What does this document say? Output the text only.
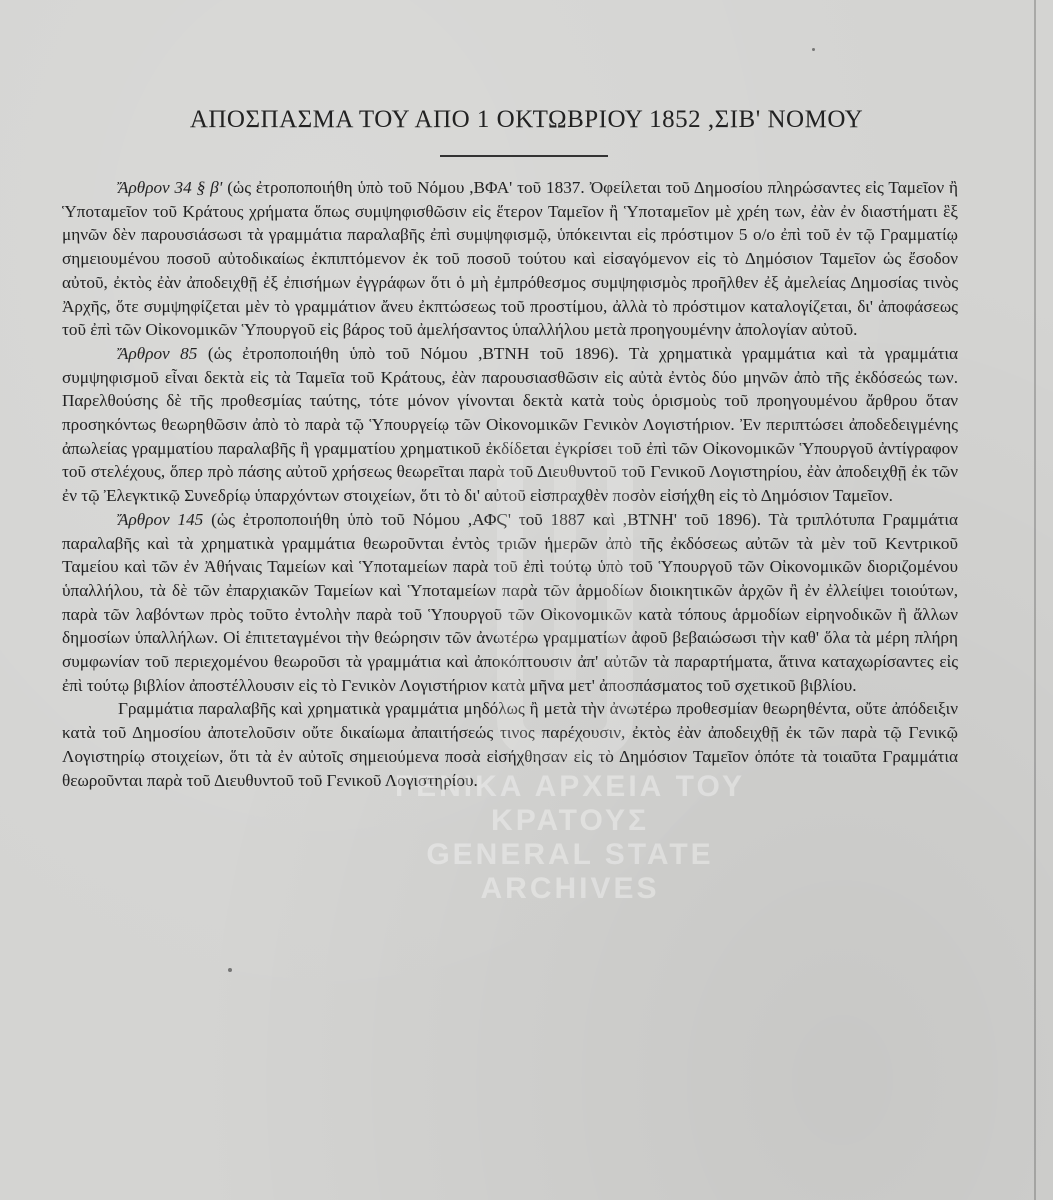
ΑΠΟΣΠΑΣΜΑ ΤΟΥ ΑΠΟ 1 ΟΚΤΩΒΡΙΟΥ 1852 ,ΣΙΒ' ΝΟΜΟΥ

Ἄρθρον 34 § β' (ὡς ἐτροποποιήθη ὑπὸ τοῦ Νόμου ,ΒΦΑ' τοῦ 1837. Ὀφείλεται τοῦ Δημοσίου πληρώσαντες εἰς Ταμεῖον ἢ Ὑποταμεῖον τοῦ Κράτους χρήματα ὅπως συμψηφισθῶσιν εἰς ἕτερον Ταμεῖον ἢ Ὑποταμεῖον μὲ χρέη των, ἐὰν ἐν διαστήματι ἓξ μηνῶν δὲν παρουσιάσωσι τὰ γραμμάτια παραλαβῆς ἐπὶ συμψηφισμῷ, ὑπόκεινται εἰς πρόστιμον 5 ο/ο ἐπὶ τοῦ ἐν τῷ Γραμματίῳ σημειουμένου ποσοῦ αὐτοδικαίως ἐκπιπτόμενον ἐκ τοῦ ποσοῦ τούτου καὶ εἰσαγόμενον εἰς τὸ Δημόσιον Ταμεῖον ὡς ἔσοδον αὐτοῦ, ἐκτὸς ἐὰν ἀποδειχθῇ ἐξ ἐπισήμων ἐγγράφων ὅτι ὁ μὴ ἐμπρόθεσμος συμψηφισμὸς προῆλθεν ἐξ ἀμελείας Δημοσίας τινὸς Ἀρχῆς, ὅτε συμψηφίζεται μὲν τὸ γραμμάτιον ἄνευ ἐκπτώσεως τοῦ προστίμου, ἀλλὰ τὸ πρόστιμον καταλογίζεται, δι' ἀποφάσεως τοῦ ἐπὶ τῶν Οἰκονομικῶν Ὑπουργοῦ εἰς βάρος τοῦ ἀμελήσαντος ὑπαλλήλου μετὰ προηγουμένην ἀπολογίαν αὐτοῦ.

Ἄρθρον 85 (ὡς ἐτροποποιήθη ὑπὸ τοῦ Νόμου ,ΒΤΝΗ τοῦ 1896). Τὰ χρηματικὰ γραμμάτια καὶ τὰ γραμμάτια συμψηφισμοῦ εἶναι δεκτὰ εἰς τὰ Ταμεῖα τοῦ Κράτους, ἐὰν παρουσιασθῶσιν εἰς αὐτὰ ἐντὸς δύο μηνῶν ἀπὸ τῆς ἐκδόσεώς των. Παρελθούσης δὲ τῆς προθεσμίας ταύτης, τότε μόνον γίνονται δεκτὰ κατὰ τοὺς ὁρισμοὺς τοῦ προηγουμένου ἄρθρου ὅταν προσηκόντως θεωρηθῶσιν ἀπὸ τὸ παρὰ τῷ Ὑπουργείῳ τῶν Οἰκονομικῶν Γενικὸν Λογιστήριον. Ἐν περιπτώσει ἀποδεδειγμένης ἀπωλείας γραμματίου παραλαβῆς ἢ γραμματίου χρηματικοῦ ἐκδίδεται ἐγκρίσει τοῦ ἐπὶ τῶν Οἰκονομικῶν Ὑπουργοῦ ἀντίγραφον τοῦ στελέχους, ὅπερ πρὸ πάσης αὐτοῦ χρήσεως θεωρεῖται παρὰ τοῦ Διευθυντοῦ τοῦ Γενικοῦ Λογιστηρίου, ἐὰν ἀποδειχθῇ ἐκ τῶν ἐν τῷ Ἐλεγκτικῷ Συνεδρίῳ ὑπαρχόντων στοιχείων, ὅτι τὸ δι' αὐτοῦ εἰσπραχθὲν ποσὸν εἰσήχθη εἰς τὸ Δημόσιον Ταμεῖον.

Ἄρθρον 145 (ὡς ἐτροποποιήθη ὑπὸ τοῦ Νόμου ,ΑΦϚ' τοῦ 1887 καὶ ,ΒΤΝΗ' τοῦ 1896). Τὰ τριπλότυπα Γραμμάτια παραλαβῆς καὶ τὰ χρηματικὰ γραμμάτια θεωροῦνται ἐντὸς τριῶν ἡμερῶν ἀπὸ τῆς ἐκδόσεως αὐτῶν τὰ μὲν τοῦ Κεντρικοῦ Ταμείου καὶ τῶν ἐν Ἀθήναις Ταμείων καὶ Ὑποταμείων παρὰ τοῦ ἐπὶ τούτῳ ὑπὸ τοῦ Ὑπουργοῦ τῶν Οἰκονομικῶν διοριζομένου ὑπαλλήλου, τὰ δὲ τῶν ἐπαρχιακῶν Ταμείων καὶ Ὑποταμείων παρὰ τῶν ἁρμοδίων διοικητικῶν ἀρχῶν ἢ ἐν ἐλλείψει τοιούτων, παρὰ τῶν λαβόντων πρὸς τοῦτο ἐντολὴν παρὰ τοῦ Ὑπουργοῦ τῶν Οἰκονομικῶν κατὰ τόπους ἁρμοδίων εἰρηνοδικῶν ἢ ἄλλων δημοσίων ὑπαλλήλων. Οἱ ἐπιτεταγμένοι τὴν θεώρησιν τῶν ἀνωτέρω γραμματίων ἀφοῦ βεβαιώσωσι τὴν καθ' ὅλα τὰ μέρη πλήρη συμφωνίαν τοῦ περιεχομένου θεωροῦσι τὰ γραμμάτια καὶ ἀποκόπτουσιν ἀπ' αὐτῶν τὰ παραρτήματα, ἅτινα καταχωρίσαντες εἰς ἐπὶ τούτῳ βιβλίον ἀποστέλλουσιν εἰς τὸ Γενικὸν Λογιστήριον κατὰ μῆνα μετ' ἀποσπάσματος τοῦ σχετικοῦ βιβλίου.

Γραμμάτια παραλαβῆς καὶ χρηματικὰ γραμμάτια μηδόλως ἢ μετὰ τὴν ἀνωτέρω προθεσμίαν θεωρηθέντα, οὔτε ἀπόδειξιν κατὰ τοῦ Δημοσίου ἀποτελοῦσιν οὔτε δικαίωμα ἀπαιτήσεώς τινος παρέχουσιν, ἐκτὸς ἐὰν ἀποδειχθῇ ἐκ τῶν παρὰ τῷ Γενικῷ Λογιστηρίῳ στοιχείων, ὅτι τὰ ἐν αὐτοῖς σημειούμενα ποσὰ εἰσήχθησαν εἰς τὸ Δημόσιον Ταμεῖον ὁπότε τὰ τοιαῦτα Γραμμάτια θεωροῦνται παρὰ τοῦ Διευθυντοῦ τοῦ Γενικοῦ Λογιστηρίου.

ΓΕΝΙΚΑ ΑΡΧΕΙΑ ΤΟΥ ΚΡΑΤΟΥΣ
GENERAL STATE ARCHIVES
